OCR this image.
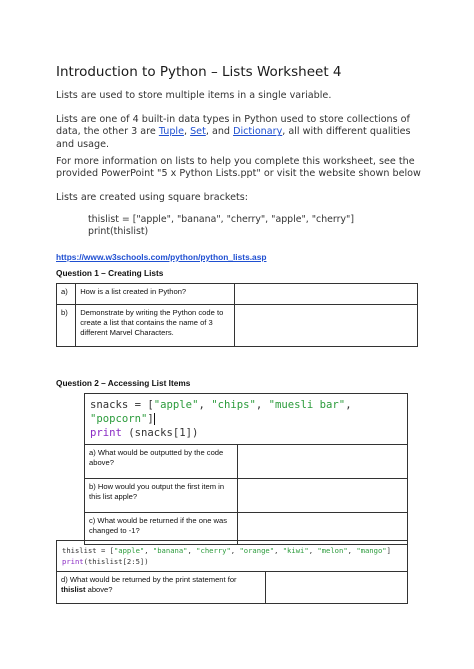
Introduction to Python – Lists Worksheet 4
Lists are used to store multiple items in a single variable.
Lists are one of 4 built-in data types in Python used to store collections of data, the other 3 are Tuple, Set, and Dictionary, all with different qualities and usage.
For more information on lists to help you complete this worksheet, see the provided PowerPoint "5 x Python Lists.ppt" or visit the website shown below
Lists are created using square brackets:
thislist = ["apple", "banana", "cherry", "apple", "cherry"]
print(thislist)
https://www.w3schools.com/python/python_lists.asp
Question 1 – Creating Lists
a)	How is a list created in Python?	
b)	Demonstrate by writing the Python code to create a list that contains the name of 3 different Marvel Characters.	
Question 2 – Accessing List Items
snacks = ["apple", "chips", "muesli bar", "popcorn"]
print (snacks[1])	
a) What would be outputted by the code above?	
b) How would you output the first item in this list apple?	
c) What would be returned if the one was changed to -1?	
thislist = ["apple", "banana", "cherry", "orange", "kiwi", "melon", "mango"]
print(thislist[2:5])
d) What would be returned by the print statement for thislist above?	
